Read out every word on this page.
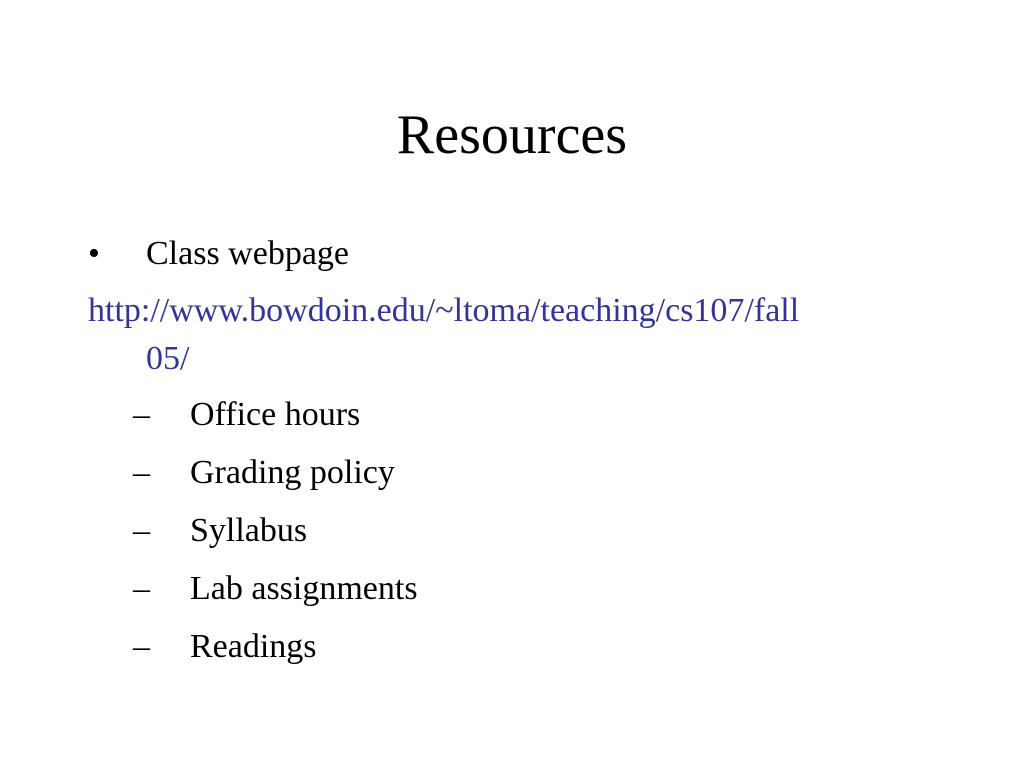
Resources
• Class webpage
http://www.bowdoin.edu/~ltoma/teaching/cs107/fall
05/
– Office hours
– Grading policy
– Syllabus
– Lab assignments
– Readings
